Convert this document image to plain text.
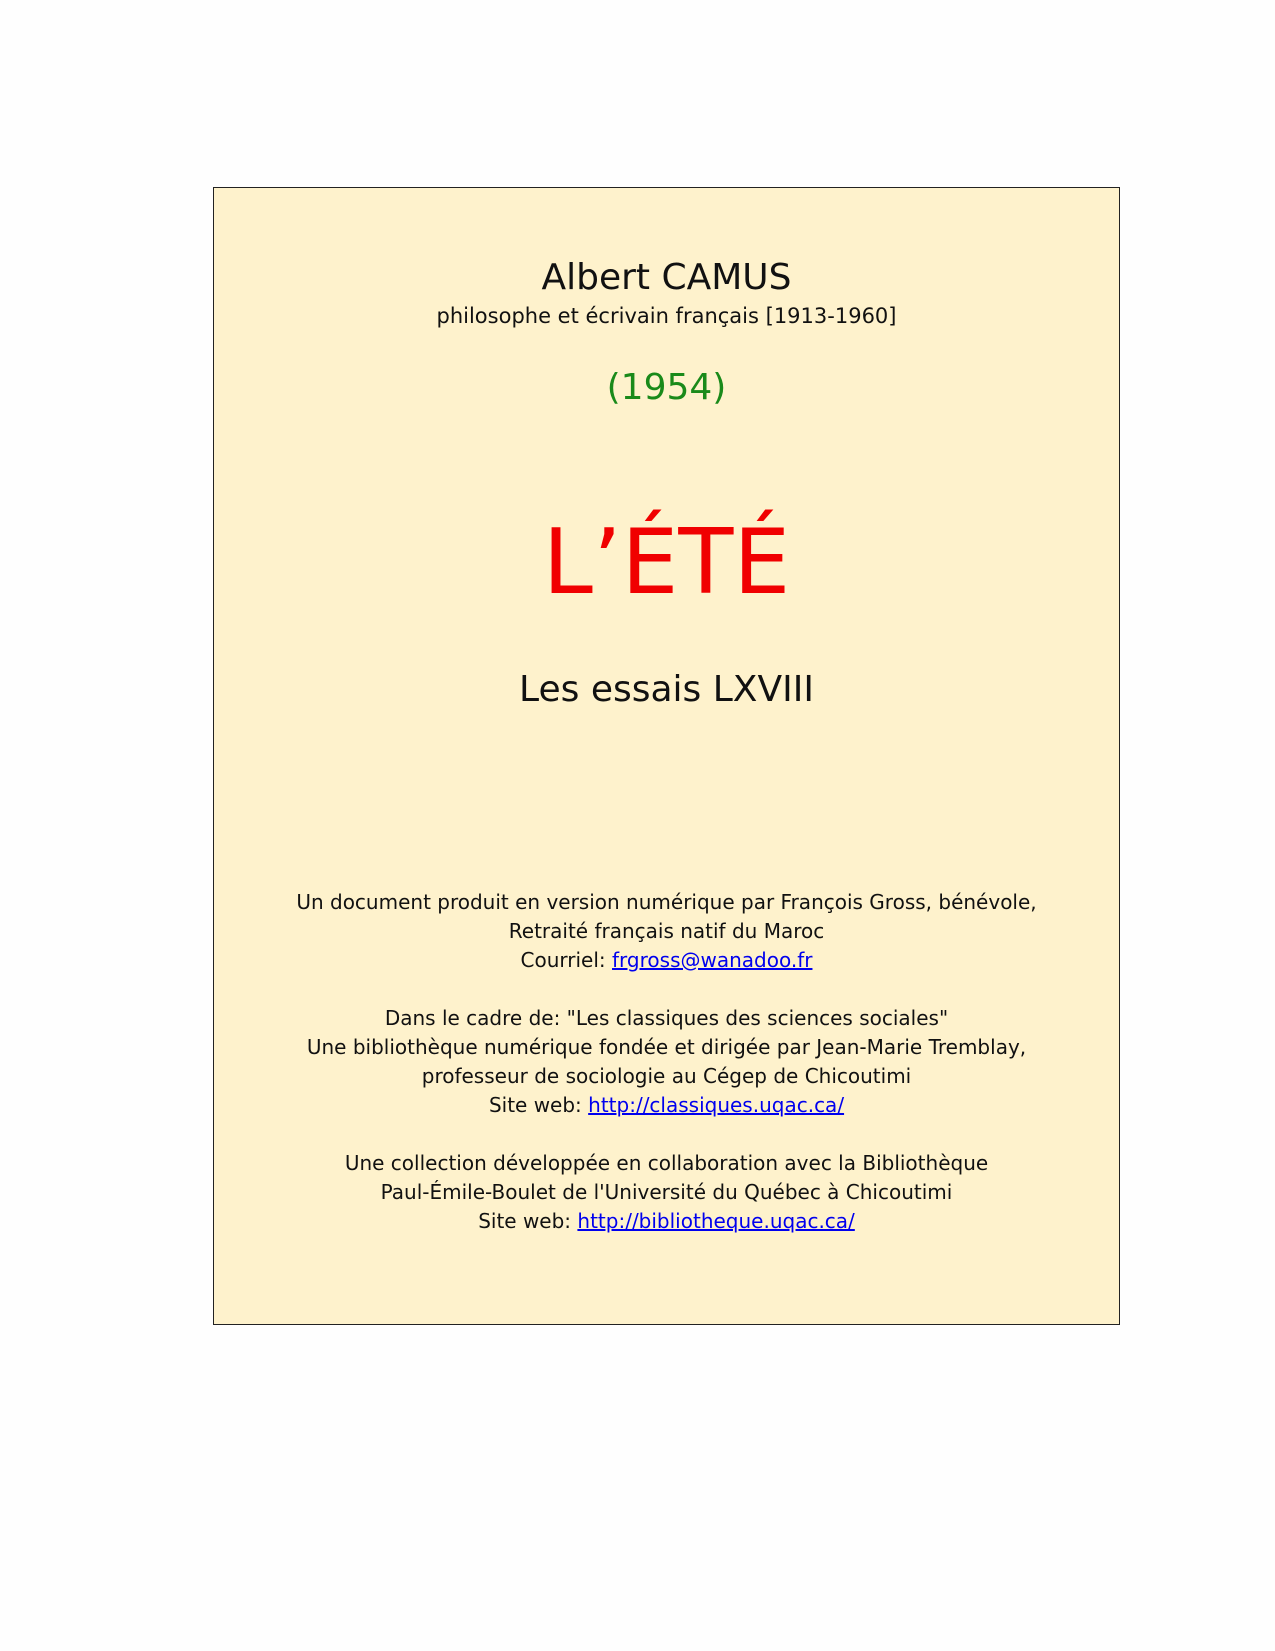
Albert CAMUS

philosophe et écrivain français [1913-1960]

(1954)

L’ÉTÉ

Les essais LXVIII

Un document produit en version numérique par François Gross, bénévole,
Retraité français natif du Maroc
Courriel: frgross@wanadoo.fr
Dans le cadre de: "Les classiques des sciences sociales"
Une bibliothèque numérique fondée et dirigée par Jean-Marie Tremblay,
professeur de sociologie au Cégep de Chicoutimi
Site web: http://classiques.uqac.ca/
Une collection développée en collaboration avec la Bibliothèque
Paul-Émile-Boulet de l'Université du Québec à Chicoutimi
Site web: http://bibliotheque.uqac.ca/
